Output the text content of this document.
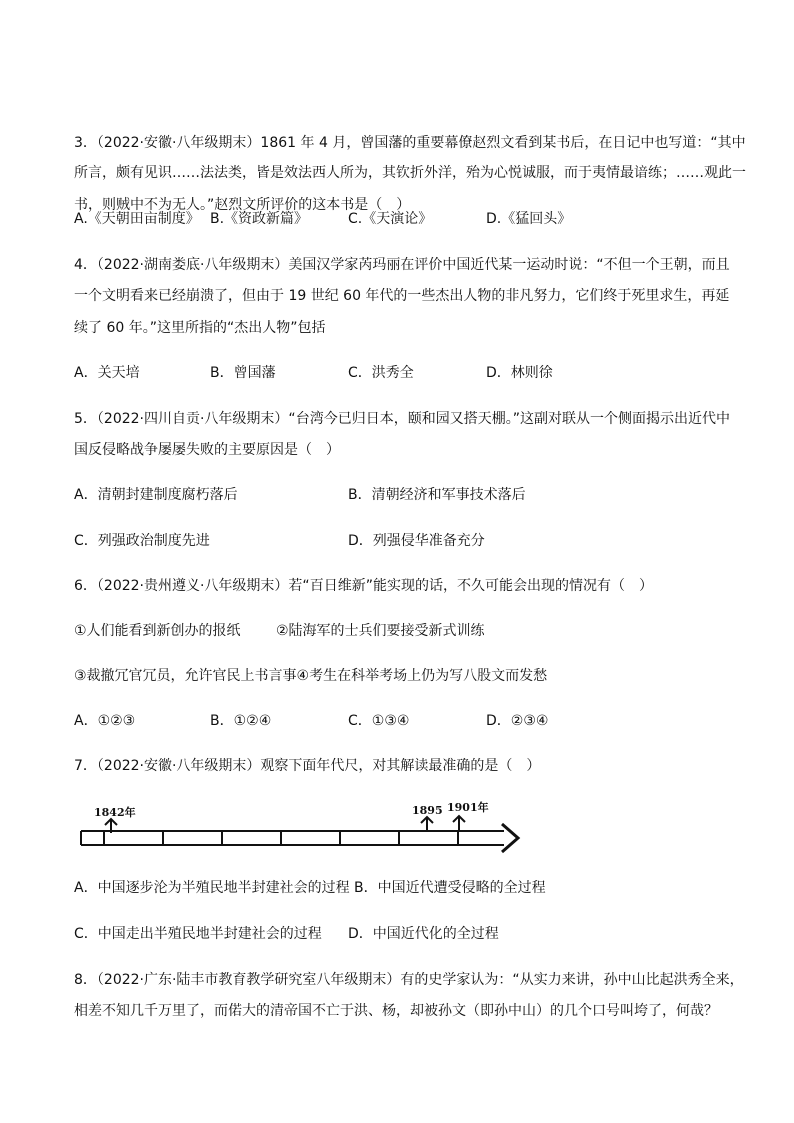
3．（2022·安徽·八年级期末）1861 年 4 月，曾国藩的重要幕僚赵烈文看到某书后，在日记中也写道：“其中
所言，颇有见识……法法类，皆是效法西人所为，其钦折外洋，殆为心悦诚服，而于夷情最谙练；……观此一
书，则贼中不为无人。”赵烈文所评价的这本书是（　）
A.《天朝田亩制度》 B.《资政新篇》	C.《天演论》	D.《猛回头》
4．（2022·湖南娄底·八年级期末）美国汉学家芮玛丽在评价中国近代某一运动时说：“不但一个王朝，而且
一个文明看来已经崩溃了，但由于 19 世纪 60 年代的一些杰出人物的非凡努力，它们终于死里求生，再延
续了 60 年。”这里所指的“杰出人物”包括
A．关天培	B．曾国藩	C．洪秀全	D．林则徐
5．（2022·四川自贡·八年级期末）“台湾今已归日本，颐和园又搭天棚。”这副对联从一个侧面揭示出近代中
国反侵略战争屡屡失败的主要原因是（　）
A．清朝封建制度腐朽落后	B．清朝经济和军事技术落后
C．列强政治制度先进	D．列强侵华准备充分
6．（2022·贵州遵义·八年级期末）若“百日维新”能实现的话，不久可能会出现的情况有（　）
①人们能看到新创办的报纸	②陆海军的士兵们要接受新式训练
③裁撤冗官冗员，允许官民上书言事④考生在科举考场上仍为写八股文而发愁
A．①②③	B．①②④	C．①③④	D．②③④
7．（2022·安徽·八年级期末）观察下面年代尺，对其解读最准确的是（　）
1842年	1895 1901年
A．中国逐步沦为半殖民地半封建社会的过程 B．中国近代遭受侵略的全过程
C．中国走出半殖民地半封建社会的过程 D．中国近代化的全过程
8．（2022·广东·陆丰市教育教学研究室八年级期末）有的史学家认为：“从实力来讲，孙中山比起洪秀全来，
相差不知几千万里了，而偌大的清帝国不亡于洪、杨，却被孙文（即孙中山）的几个口号叫垮了，何哉？
